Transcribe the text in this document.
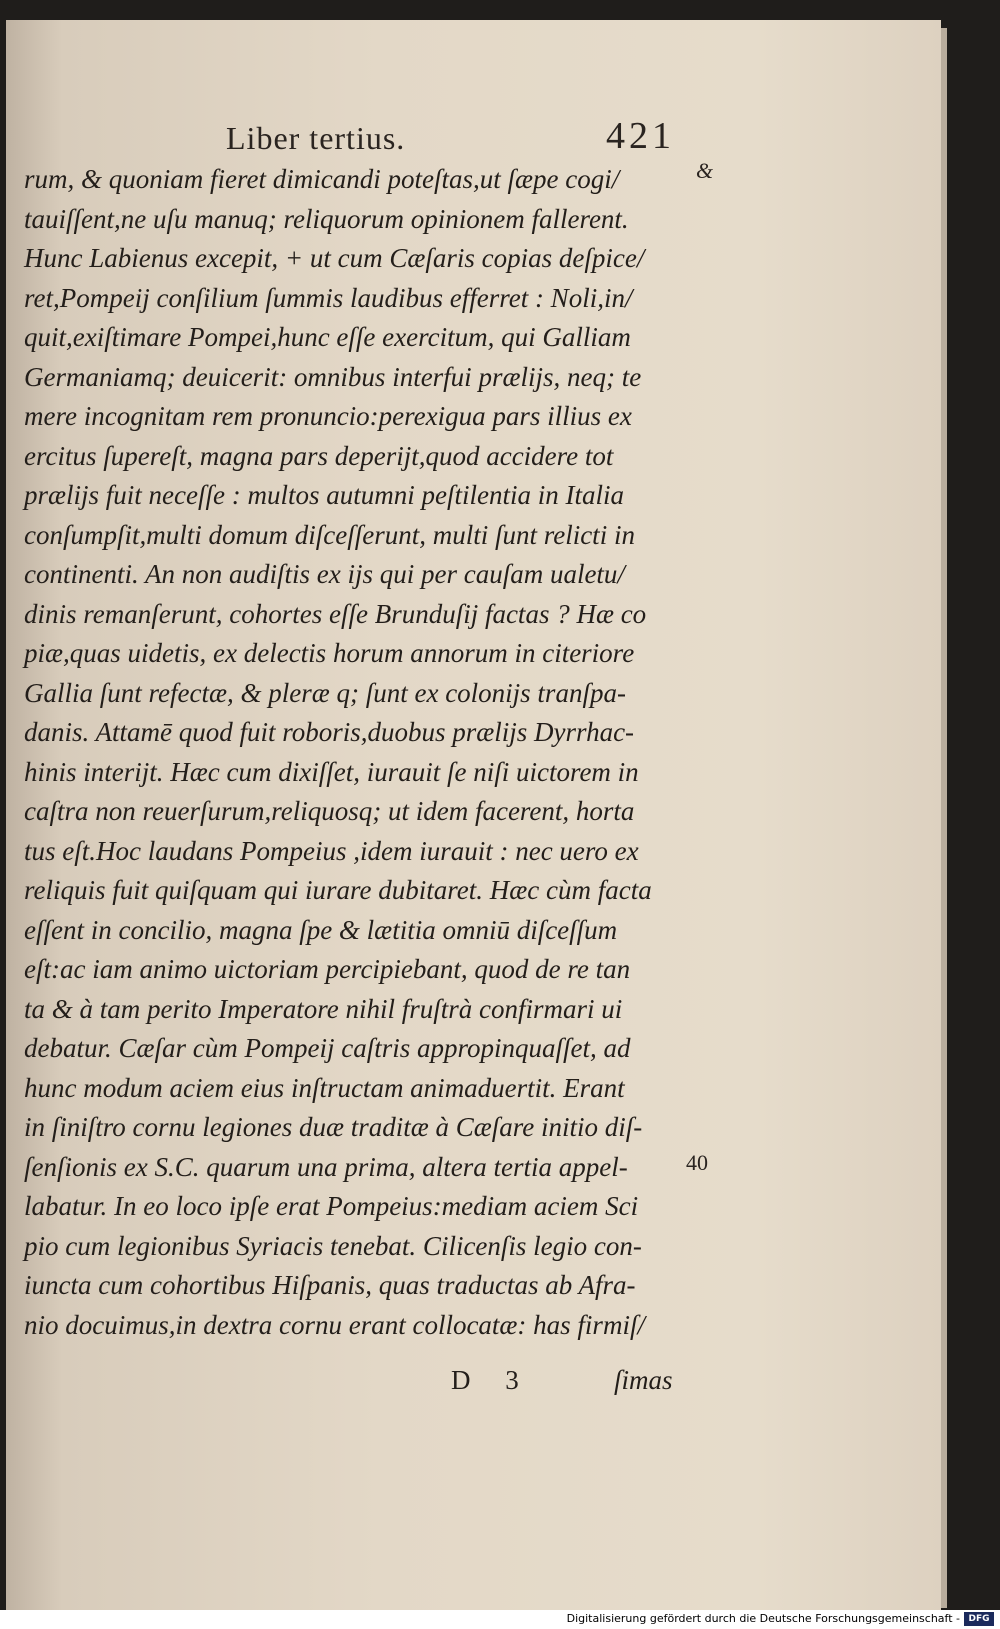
Liber tertius.	421
&
40
rum, & quoniam fieret dimicandi poteſtas,ut ſæpe cogi/
tauiſſent,ne uſu manuq; reliquorum opinionem fallerent.
Hunc Labienus excepit, + ut cum Cæſaris copias deſpice/
ret,Pompeij conſilium ſummis laudibus efferret : Noli,in/
quit,exiſtimare Pompei,hunc eſſe exercitum, qui Galliam
Germaniamq; deuicerit: omnibus interfui prælijs, neq; te
mere incognitam rem pronuncio:perexigua pars illius ex
ercitus ſupereſt, magna pars deperijt,quod accidere tot
prælijs fuit neceſſe : multos autumni peſtilentia in Italia
conſumpſit,multi domum diſceſſerunt, multi ſunt relicti in
continenti. An non audiſtis ex ijs qui per cauſam ualetu/
dinis remanſerunt, cohortes eſſe Brunduſij factas ? Hæ co
piæ,quas uidetis, ex delectis horum annorum in citeriore
Gallia ſunt refectæ, & pleræ q; ſunt ex colonijs tranſpa-
danis. Attamē quod fuit roboris,duobus prælijs Dyrrhac-
hinis interijt. Hæc cum dixiſſet, iurauit ſe niſi uictorem in
caſtra non reuerſurum,reliquosq; ut idem facerent, horta
tus eſt.Hoc laudans Pompeius ,idem iurauit : nec uero ex
reliquis fuit quiſquam qui iurare dubitaret. Hæc cùm facta
eſſent in concilio, magna ſpe & lætitia omniū diſceſſum
eſt:ac iam animo uictoriam percipiebant, quod de re tan
ta & à tam perito Imperatore nihil fruſtrà confirmari ui
debatur. Cæſar cùm Pompeij caſtris appropinquaſſet, ad
hunc modum aciem eius inſtructam animaduertit. Erant
in ſiniſtro cornu legiones duæ traditæ à Cæſare initio diſ-
ſenſionis ex S.C. quarum una prima, altera tertia appel-
labatur. In eo loco ipſe erat Pompeius:mediam aciem Sci
pio cum legionibus Syriacis tenebat. Cilicenſis legio con-
iuncta cum cohortibus Hiſpanis, quas traductas ab Afra-
nio docuimus,in dextra cornu erant collocatæ: has firmiſ/
D 3	ſimas
Digitalisierung gefördert durch die Deutsche Forschungsgemeinschaft - DFG
